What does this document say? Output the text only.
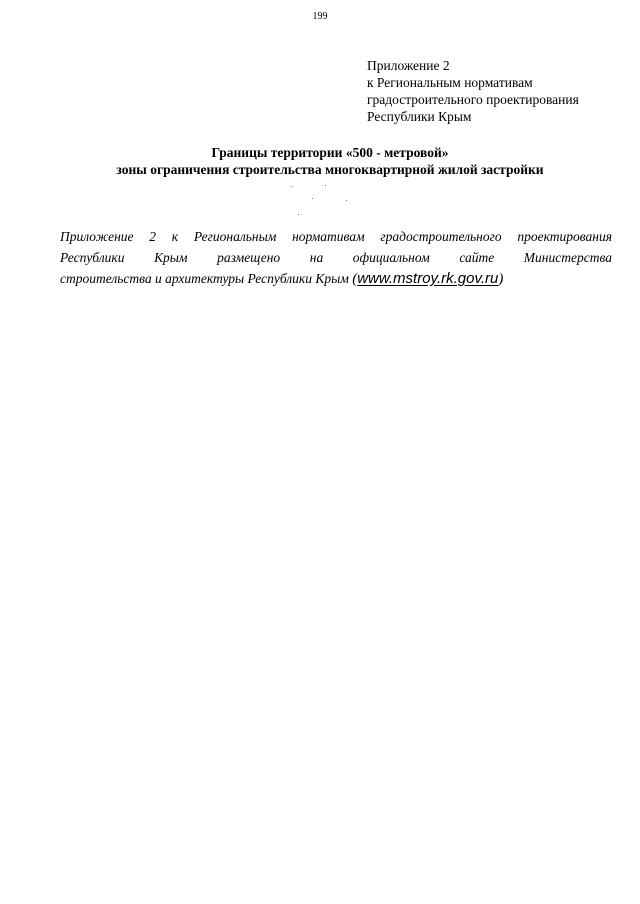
199
Приложение 2
к Региональным нормативам
градостроительного проектирования
Республики Крым
Границы территории «500 - метровой»
зоны ограничения строительства многоквартирной жилой застройки
Приложение 2 к Региональным нормативам градостроительного проектирования
Республики Крым размещено на официальном сайте Министерства
строительства и архитектуры Республики Крым (www.mstroy.rk.gov.ru)
